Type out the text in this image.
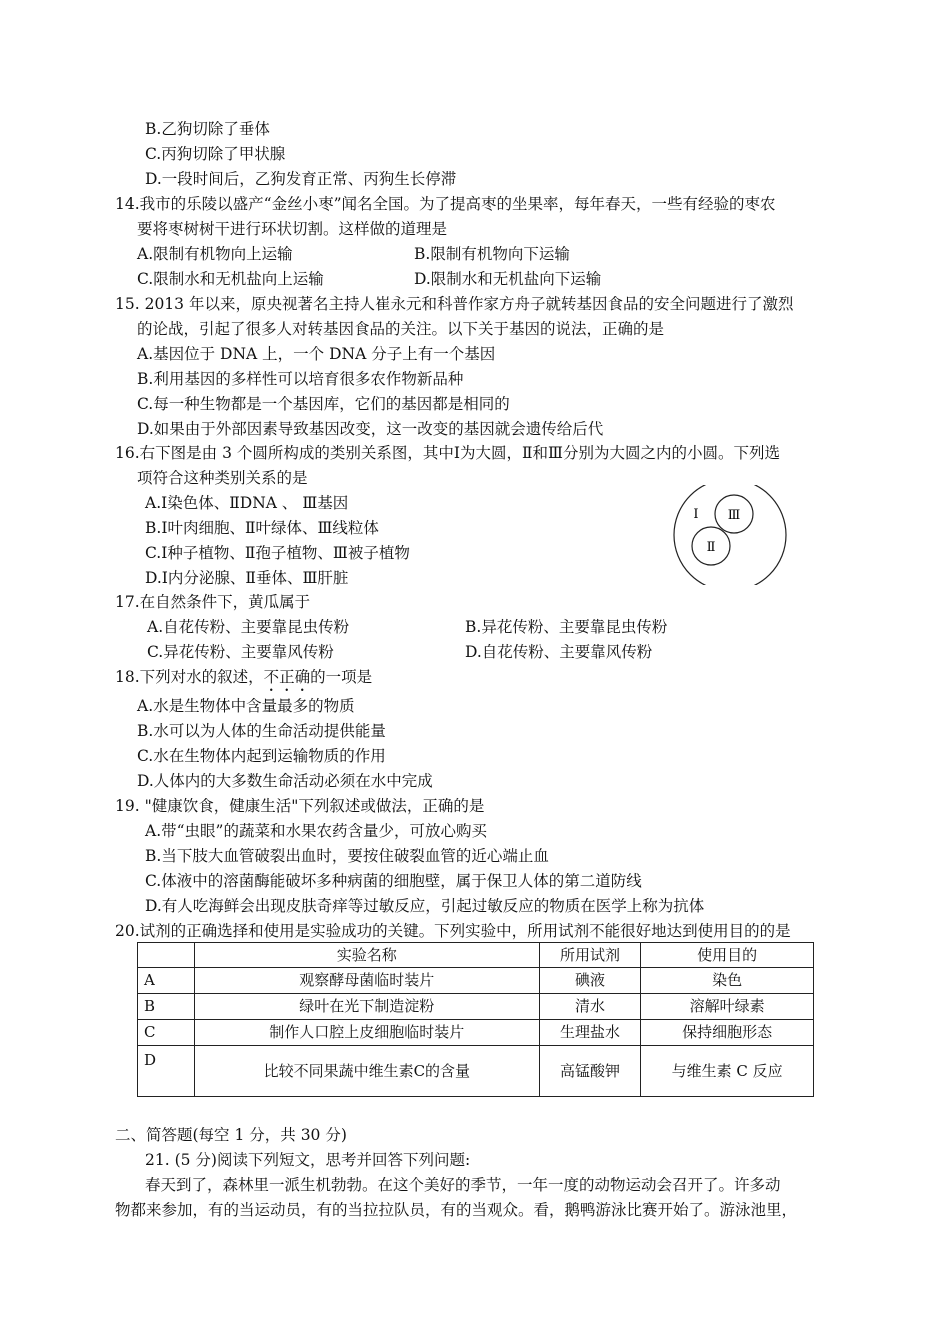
B.乙狗切除了垂体
C.丙狗切除了甲状腺
D.一段时间后，乙狗发育正常、丙狗生长停滞
14.我市的乐陵以盛产“金丝小枣”闻名全国。为了提高枣的坐果率，每年春天，一些有经验的枣农
要将枣树树干进行环状切割。这样做的道理是
A.限制有机物向上运输	B.限制有机物向下运输
C.限制水和无机盐向上运输	D.限制水和无机盐向下运输
15. 2013 年以来，原央视著名主持人崔永元和科普作家方舟子就转基因食品的安全问题进行了激烈
的论战，引起了很多人对转基因食品的关注。以下关于基因的说法，正确的是
A.基因位于 DNA 上，一个 DNA 分子上有一个基因
B.利用基因的多样性可以培育很多农作物新品种
C.每一种生物都是一个基因库，它们的基因都是相同的
D.如果由于外部因素导致基因改变，这一改变的基因就会遗传给后代
16.右下图是由 3 个圆所构成的类别关系图，其中Ⅰ为大圆，Ⅱ和Ⅲ分别为大圆之内的小圆。下列选
项符合这种类别关系的是
A.Ⅰ染色体、ⅡDNA 、 Ⅲ基因
B.Ⅰ叶肉细胞、Ⅱ叶绿体、Ⅲ线粒体
C.Ⅰ种子植物、Ⅱ孢子植物、Ⅲ被子植物
D.Ⅰ内分泌腺、Ⅱ垂体、Ⅲ肝脏
Ⅰ Ⅲ
Ⅱ
17.在自然条件下，黄瓜属于
A.自花传粉、主要靠昆虫传粉	B.异花传粉、主要靠昆虫传粉
C.异花传粉、主要靠风传粉	D.自花传粉、主要靠风传粉
18.下列对水的叙述，不正确的一项是
A.水是生物体中含量最多的物质
B.水可以为人体的生命活动提供能量
C.水在生物体内起到运输物质的作用
D.人体内的大多数生命活动必须在水中完成
19. "健康饮食，健康生活"下列叙述或做法，正确的是
A.带“虫眼”的蔬菜和水果农药含量少，可放心购买
B.当下肢大血管破裂出血时，要按住破裂血管的近心端止血
C.体液中的溶菌酶能破坏多种病菌的细胞壁，属于保卫人体的第二道防线
D.有人吃海鲜会出现皮肤奇痒等过敏反应，引起过敏反应的物质在医学上称为抗体
20.试剂的正确选择和使用是实验成功的关键。下列实验中，所用试剂不能很好地达到使用目的的是
	实验名称	所用试剂	使用目的
A	观察酵母菌临时装片	碘液	染色
B	绿叶在光下制造淀粉	清水	溶解叶绿素
C	制作人口腔上皮细胞临时装片	生理盐水	保持细胞形态
D	比较不同果蔬中维生素C的含量	高锰酸钾	与维生素 C 反应
二、简答题(每空 1 分，共 30 分)
21. (5 分)阅读下列短文，思考并回答下列问题:
春天到了，森林里一派生机勃勃。在这个美好的季节，一年一度的动物运动会召开了。许多动
物都来参加，有的当运动员，有的当拉拉队员，有的当观众。看，鹅鸭游泳比赛开始了。游泳池里，
